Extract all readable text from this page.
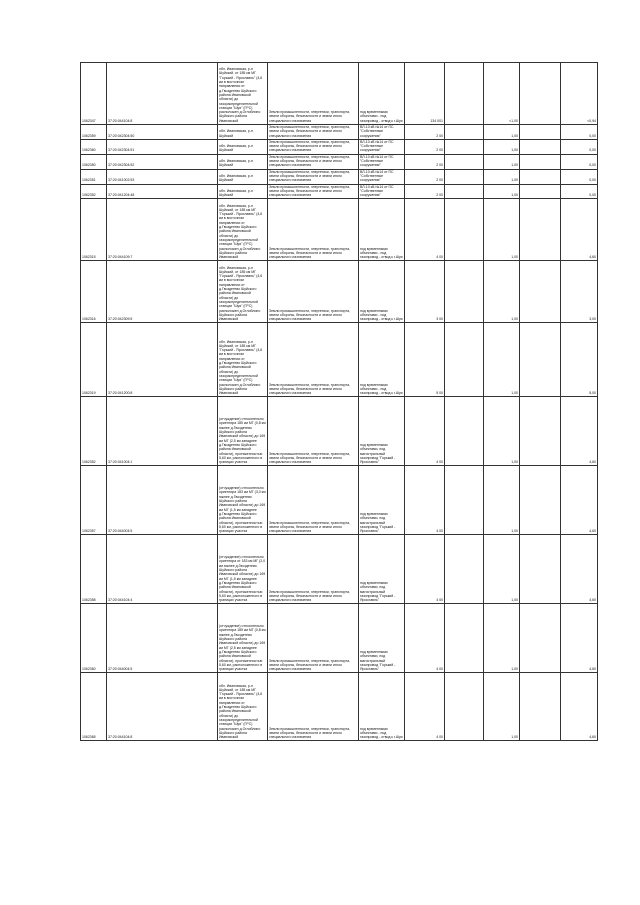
1062347	37:20:044104:8	обл. Ивановская, р-н Шуйский, от 185 км МГ "Горький - Ярославль" (4,6 км в восточном направлении от д.Гвоздетево Шуйского района Ивановской области) до газораспределительной станции "Шуя" (ГРС) расположен д.Оглоблино Шуйского района Ивановской	Земли промышленности, энергетики, транспорта, земли обороны, безопасности и земли иного специального назначения	под временными объектами - под газопровод - отвод к г.Шуя	134 001		<1,00		<0,94
1062359	37:20:042304:50	обл. Ивановская, р-н Шуйский	Земли промышленности, энергетики, транспорта, земли обороны, безопасности и земли иного специального назначения	ВЛ-10 кВ №14 от ПС "Собственные сооружения"	2 00		1,00		0,00
1062360	37:20:042304:51	обл. Ивановская, р-н Шуйский	Земли промышленности, энергетики, транспорта, земли обороны, безопасности и земли иного специального назначения	ВЛ-10 кВ №14 от ПС "Собственные сооружения"	2 00		1,00		0,00
1062350	37:20:042304:52	обл. Ивановская, р-н Шуйский	Земли промышленности, энергетики, транспорта, земли обороны, безопасности и земли иного специального назначения	ВЛ-10 кВ №14 от ПС "Собственные сооружения"	2 00		1,00		0,00
1062351	37:20:041002:53	обл. Ивановская, р-н Шуйский	Земли промышленности, энергетики, транспорта, земли обороны, безопасности и земли иного специального назначения	ВЛ-10 кВ №14 от ПС "Собственные сооружения"	2 00		1,00		0,00
1062352	37:20:041204:48	обл. Ивановская, р-н Шуйский	Земли промышленности, энергетики, транспорта, земли обороны, безопасности и земли иного специального назначения	ВЛ-10 кВ №14 от ПС "Собственные сооружения"	2 00		1,00		0,00
1062315	37:20:044109:7	обл. Ивановская, р-н Шуйский, от 185 км МГ "Горький - Ярославль" (4,6 км в восточном направлении от д.Гвоздетево Шуйского района Ивановской области) до газораспределительной станции "Шуя" (ГРС) расположен д.Оглоблино Шуйского района Ивановской	Земли промышленности, энергетики, транспорта, земли обороны, безопасности и земли иного специального назначения	под временными объектами - под газопровод - отвод к г.Шуя	4 00		1,00		4,60
1062316	37:20:042309:5	обл. Ивановская, р-н Шуйский, от 185 км МГ "Горький - Ярославль" (4,6 км в восточном направлении от д.Гвоздетево Шуйского района Ивановской области) до газораспределительной станции "Шуя" (ГРС) расположен д.Оглоблино Шуйского района Ивановской	Земли промышленности, энергетики, транспорта, земли обороны, безопасности и земли иного специального назначения	под временными объектами - под газопровод - отвод к г.Шуя	3 00		1,00		3,00
1062319	37:20:041200:8	обл. Ивановская, р-н Шуйский, от 185 км МГ "Горький - Ярославль" (4,6 км в восточном направлении от д.Гвоздетево Шуйского района Ивановской области) до газораспределительной станции "Шуя" (ГРС) расположен д.Оглоблино Шуйского района Ивановской	Земли промышленности, энергетики, транспорта, земли обороны, безопасности и земли иного специального назначения	под временными объектами - под газопровод - отвод к г.Шуя	5 00		1,00		5,00
1062352	37:20:041004:1	(отчуждение) относительно ориентира 185 км МГ (0,8 км южнее д.Гвоздетево Шуйского района Ивановской области) до 169 км МГ (2,5 км западнее д.Гвоздетево Шуйского района Ивановской области), протяженностью 5,60 км, расположенного в границах участка	Земли промышленности, энергетики, транспорта, земли обороны, безопасности и земли иного специального назначения	под временными объектами, под магистральный газопровод "Горький - Ярославль"	4 00		1,00		4,60
1062357	37:20:044004:5	(отчуждение) относительно ориентира 183 км МГ (3,0 км южнее д.Гвоздетево Шуйского района Ивановской области) до 169 км МГ (1,5 км западнее д.Гвоздетево Шуйского района Ивановской области), протяженностью 5,60 км, расположенного в границах участка	Земли промышленности, энергетики, транспорта, земли обороны, безопасности и земли иного специального назначения	под временными объектами, под магистральный газопровод "Горький - Ярославль"	4 00		1,00		4,60
1062358	37:20:044104:4	(отчуждение) относительно ориентира от 183 км МГ (2,0 км южнее д.Гвоздетево Шуйского района Ивановской области) до 169 км МГ (1,5 км западнее д.Гвоздетево Шуйского района Ивановской области), протяженностью 5,60 км, расположенного в границах участка	Земли промышленности, энергетики, транспорта, земли обороны, безопасности и земли иного специального назначения	под временными объектами, под магистральный газопровод "Горький - Ярославль"	4 00		1,00		4,60
1062360	37:20:044004:5	(отчуждение) относительно ориентира 185 км МГ (0,8 км южнее д.Гвоздетево Шуйского района Ивановской области) до 169 км МГ (2,5 км западнее д.Гвоздетево Шуйского района Ивановской области), протяженностью 5,60 км, расположенного в границах участка	Земли промышленности, энергетики, транспорта, земли обороны, безопасности и земли иного специального назначения	под временными объектами, под магистральный газопровод "Горький - Ярославль"	4 00		1,00		4,60
1062365	37:20:044104:8	обл. Ивановская, р-н Шуйский, от 185 км МГ "Горький - Ярославль" (4,6 км в восточном направлении от д.Гвоздетево Шуйского района Ивановской области) до газораспределительной станции "Шуя" (ГРС) расположен д.Оглоблино Шуйского района Ивановской	Земли промышленности, энергетики, транспорта, земли обороны, безопасности и земли иного специального назначения	под временными объектами - под газопровод - отвод к г.Шуя	4 00		1,00		4,60
